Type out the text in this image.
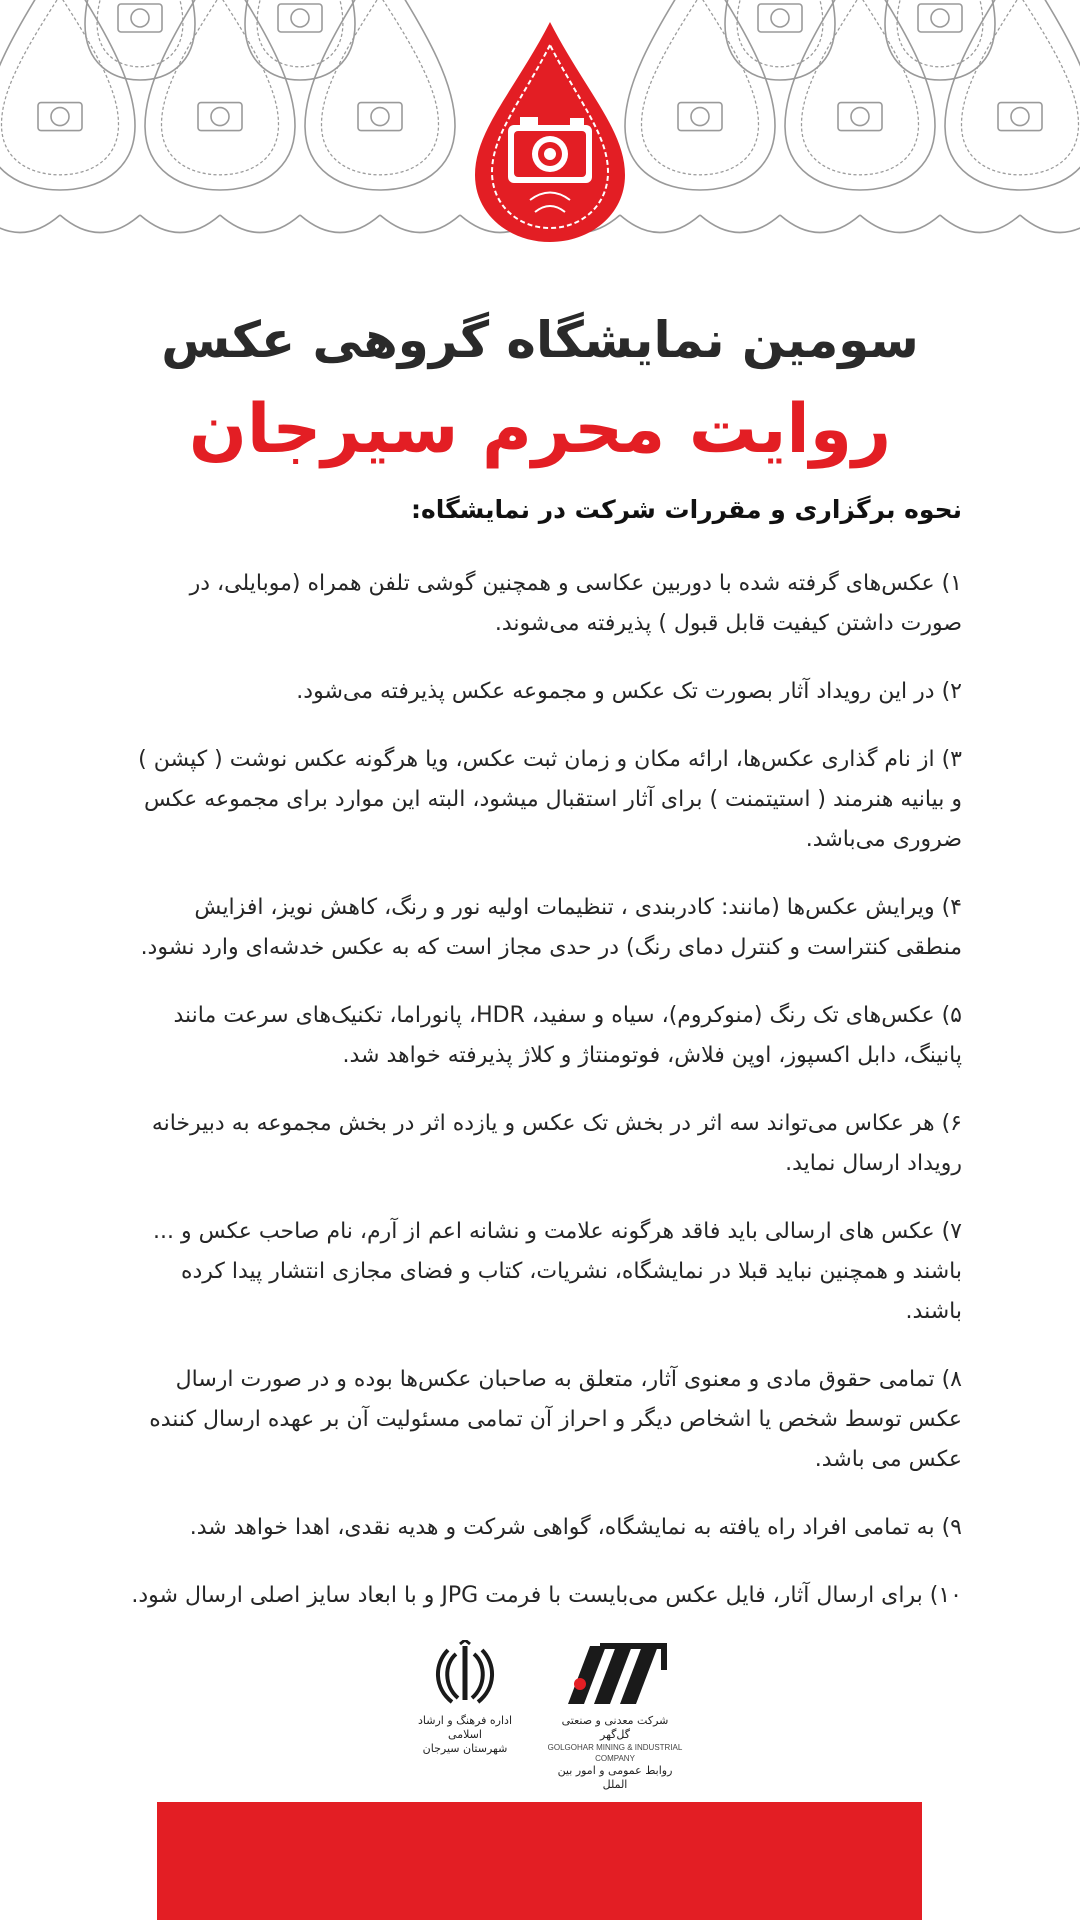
سومین نمایشگاه گروهی عکس
روایت محرم سیرجان
نحوه برگزاری و مقررات شرکت در نمایشگاه:

۱) عکس‌های گرفته شده با دوربین عکاسی و همچنین گوشی تلفن همراه (موبایلی، در صورت داشتن کیفیت قابل قبول ) پذیرفته می‌شوند.

۲) در این رویداد آثار بصورت تک عکس و مجموعه عکس پذیرفته می‌شود.

۳) از نام گذاری عکس‌ها، ارائه مکان و زمان ثبت عکس، ویا هرگونه عکس نوشت ( کپشن ) و بیانیه هنرمند ( استیتمنت ) برای آثار استقبال میشود، البته این موارد برای مجموعه عکس ضروری می‌باشد.

۴) ویرایش عکس‌ها (مانند: کادربندی ، تنظیمات اولیه نور و رنگ، کاهش نویز، افزایش منطقی کنتراست و کنترل دمای رنگ) در حدی مجاز است که به عکس خدشه‌ای وارد نشود.

۵) عکس‌های تک رنگ (منوکروم)، سیاه و سفید، HDR، پانوراما، تکنیک‌های سرعت مانند پانینگ، دابل اکسپوز، اوپن فلاش، فوتومنتاژ و کلاژ پذیرفته خواهد شد.

۶) هر عکاس می‌تواند سه اثر در بخش تک عکس و یازده اثر در بخش مجموعه به دبیرخانه رویداد ارسال نماید.

۷) عکس های ارسالی باید فاقد هرگونه علامت و نشانه اعم از آرم، نام صاحب عکس و ... باشند و همچنین نباید قبلا در نمایشگاه، نشریات، کتاب و فضای مجازی انتشار پیدا کرده باشند.

۸) تمامی حقوق مادی و معنوی آثار، متعلق به صاحبان عکس‌ها بوده و در صورت ارسال عکس توسط شخص یا اشخاص دیگر و احراز آن تمامی مسئولیت آن بر عهده ارسال کننده عکس می باشد.

۹) به تمامی افراد راه یافته به نمایشگاه، گواهی شرکت و هدیه نقدی، اهدا خواهد شد.

۱۰) برای ارسال آثار، فایل عکس می‌بایست با فرمت JPG و با ابعاد سایز اصلی ارسال شود.

شرکت معدنی و صنعتی گل‌گهر
GOLGOHAR MINING & INDUSTRIAL COMPANY
روابط عمومی و امور بین الملل
اداره فرهنگ و ارشاد اسلامی
شهرستان سیرجان
